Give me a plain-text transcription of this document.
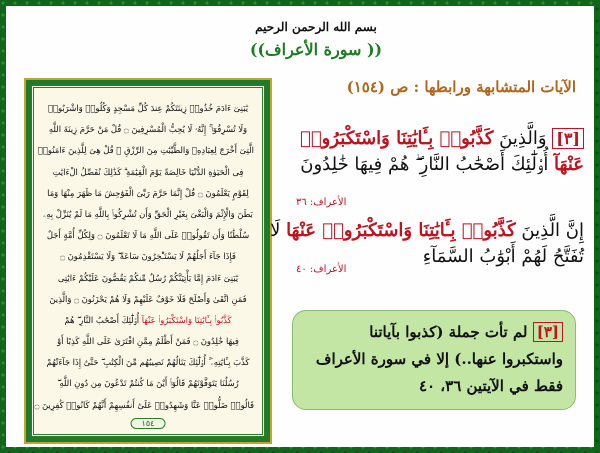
بسم الله الرحمن الرحيم
(( سورة الأعراف))
يَٰبَنِىٓ ءَادَمَ خُذُوا۟ زِينَتَكُمْ عِندَ كُلِّ مَسْجِدٍ وَكُلُوا۟ وَاشْرَبُوا۟
وَلَا تُسْرِفُوٓا۟ ۚ إِنَّهُۥ لَا يُحِبُّ الْمُسْرِفِينَ ۝ قُلْ مَنْ حَرَّمَ زِينَةَ اللَّهِ
الَّتِىٓ أَخْرَجَ لِعِبَادِهِۦ وَالطَّيِّبَٰتِ مِنَ الرِّزْقِ ۚ قُلْ هِىَ لِلَّذِينَ ءَامَنُوا۟
فِى الْحَيَوٰةِ الدُّنْيَا خَالِصَةً يَوْمَ الْقِيَٰمَةِ ۗ كَذَٰلِكَ نُفَصِّلُ الْءَايَٰتِ
لِقَوْمٍ يَعْلَمُونَ ۝ قُلْ إِنَّمَا حَرَّمَ رَبِّىَ الْفَوَٰحِشَ مَا ظَهَرَ مِنْهَا وَمَا
بَطَنَ وَالْإِثْمَ وَالْبَغْىَ بِغَيْرِ الْحَقِّ وَأَن تُشْرِكُوا۟ بِاللَّهِ مَا لَمْ يُنَزِّلْ بِهِۦ
سُلْطَٰنًا وَأَن تَقُولُوا۟ عَلَى اللَّهِ مَا لَا تَعْلَمُونَ ۝ وَلِكُلِّ أُمَّةٍ أَجَلٌ
فَإِذَا جَآءَ أَجَلُهُمْ لَا يَسْتَـْٔخِرُونَ سَاعَةً ۖ وَلَا يَسْتَقْدِمُونَ ۝
يَٰبَنِىٓ ءَادَمَ إِمَّا يَأْتِيَنَّكُمْ رُسُلٌ مِّنكُمْ يَقُصُّونَ عَلَيْكُمْ ءَايَٰتِى
فَمَنِ اتَّقَىٰ وَأَصْلَحَ فَلَا خَوْفٌ عَلَيْهِمْ وَلَا هُمْ يَحْزَنُونَ ۝ وَالَّذِينَ
كَذَّبُوا۟ بِـَٔايَٰتِنَا وَاسْتَكْبَرُوا۟ عَنْهَآ أُو۟لَٰٓئِكَ أَصْحَٰبُ النَّارِ ۖ هُمْ
فِيهَا خَٰلِدُونَ ۝ فَمَنْ أَظْلَمُ مِمَّنِ افْتَرَىٰ عَلَى اللَّهِ كَذِبًا أَوْ
كَذَّبَ بِـَٔايَٰتِهِۦٓ ۚ أُو۟لَٰٓئِكَ يَنَالُهُمْ نَصِيبُهُم مِّنَ الْكِتَٰبِ ۖ حَتَّىٰٓ إِذَا جَآءَتْهُمْ
رُسُلُنَا يَتَوَفَّوْنَهُمْ قَالُوٓا۟ أَيْنَ مَا كُنتُمْ تَدْعُونَ مِن دُونِ اللَّهِ ۖ
قَالُوا۟ ضَلُّوا۟ عَنَّا وَشَهِدُوا۟ عَلَىٰٓ أَنفُسِهِمْ أَنَّهُمْ كَانُوا۟ كَٰفِرِينَ ۝
١٥٤
الآيات المتشابهة ورابطها : ص (١٥٤)
[٣] وَالَّذِينَ كَذَّبُوا۟ بِـَٔايَٰتِنَا وَاسْتَكْبَرُوا۟
عَنْهَآ أُو۟لَٰٓئِكَ أَصْحَٰبُ النَّارِ ۖ هُمْ فِيهَا خَٰلِدُونَ
الأعراف: ٣٦
إِنَّ الَّذِينَ كَذَّبُوا۟ بِـَٔايَٰتِنَا وَاسْتَكْبَرُوا۟ عَنْهَا لَا
تُفَتَّحُ لَهُمْ أَبْوَٰبُ السَّمَآءِ
الأعراف: ٤٠
[٣] لم تأت جملة (كذبوا بآياتنا واستكبروا عنها..) إلا في سورة الأعراف فقط في الآيتين ٣٦، ٤٠
